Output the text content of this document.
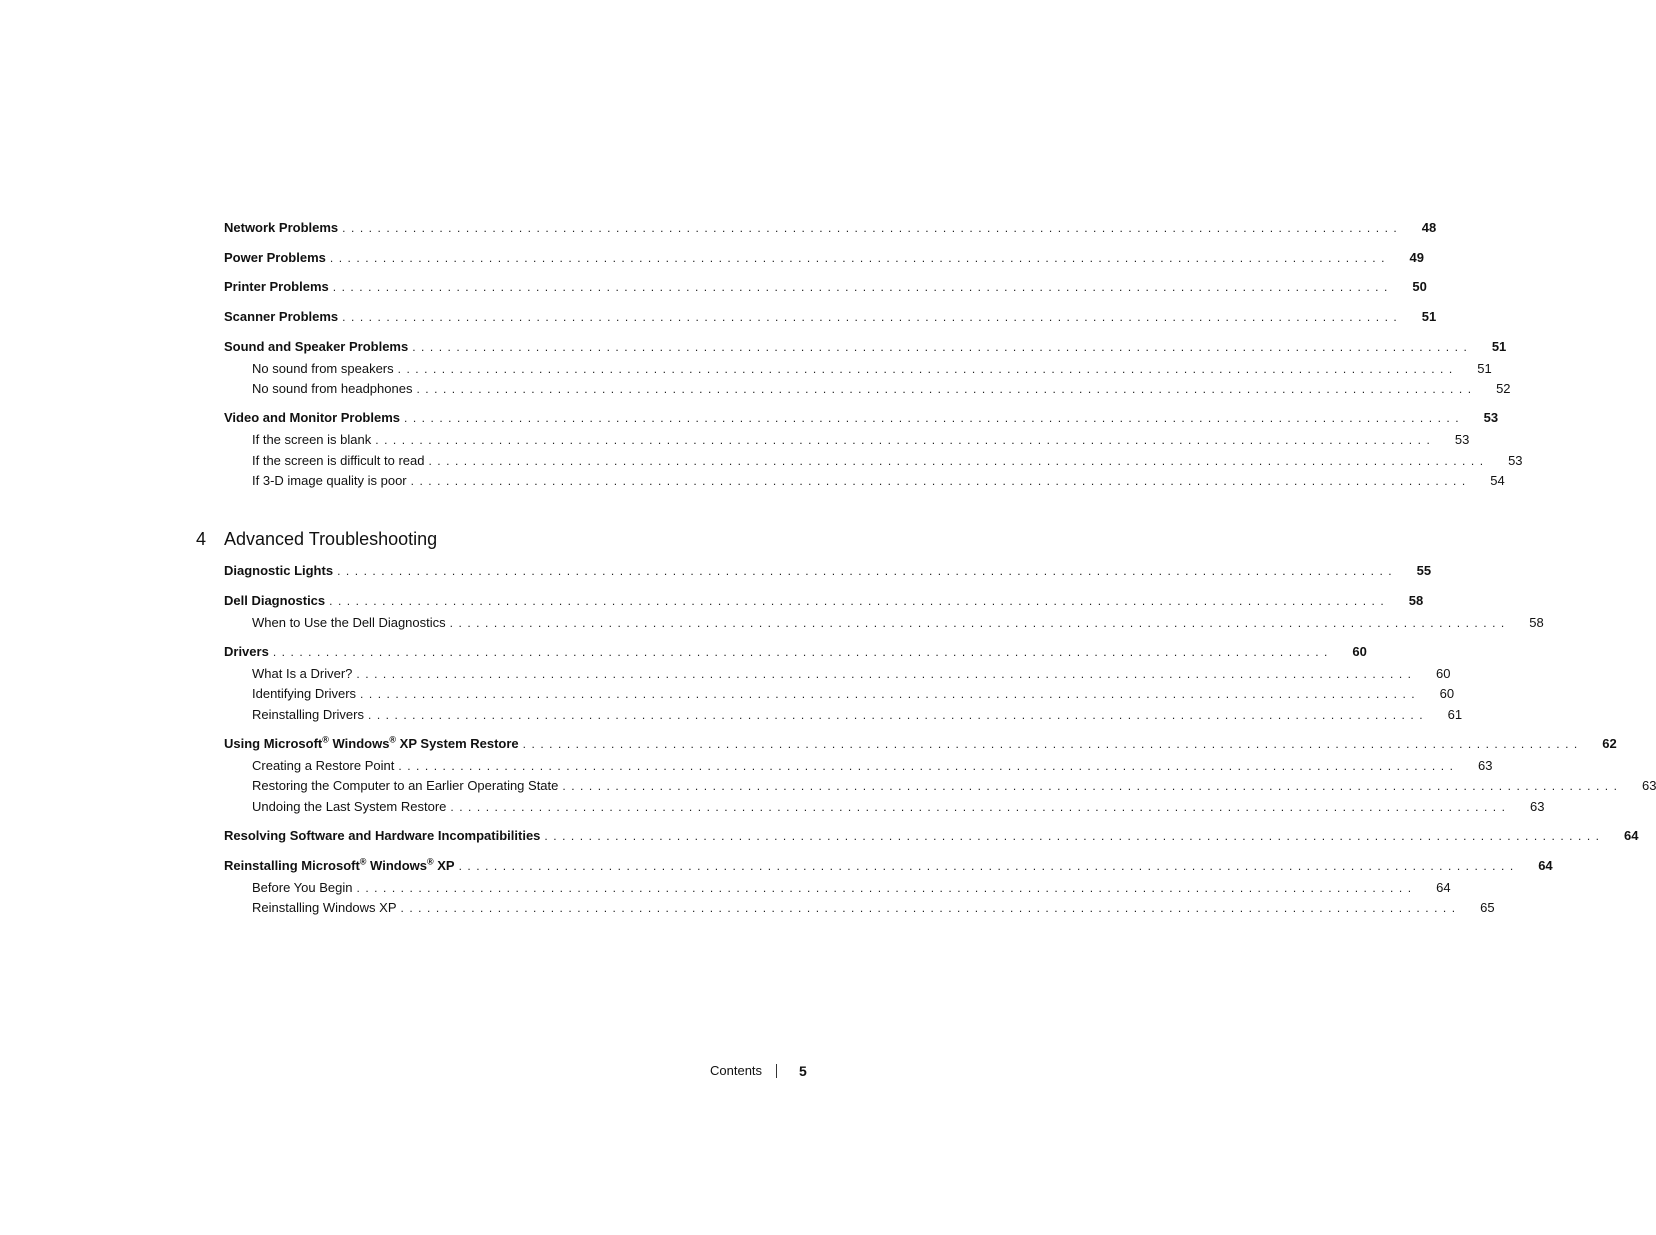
Network Problems ........................................................................................................................	48
Power Problems ........................................................................................................................	49
Printer Problems ........................................................................................................................	50
Scanner Problems ........................................................................................................................	51
Sound and Speaker Problems ........................................................................................................................	51
No sound from speakers ........................................................................................................................	51
No sound from headphones ........................................................................................................................	52
Video and Monitor Problems ........................................................................................................................	53
If the screen is blank ........................................................................................................................	53
If the screen is difficult to read ........................................................................................................................	53
If 3-D image quality is poor ........................................................................................................................	54
4 Advanced Troubleshooting
Diagnostic Lights ........................................................................................................................	55
Dell Diagnostics ........................................................................................................................	58
When to Use the Dell Diagnostics ........................................................................................................................	58
Drivers ........................................................................................................................	60
What Is a Driver? ........................................................................................................................	60
Identifying Drivers ........................................................................................................................	60
Reinstalling Drivers ........................................................................................................................	61
Using Microsoft® Windows® XP System Restore ........................................................................................................................	62
Creating a Restore Point ........................................................................................................................	63
Restoring the Computer to an Earlier Operating State ........................................................................................................................	63
Undoing the Last System Restore ........................................................................................................................	63
Resolving Software and Hardware Incompatibilities ........................................................................................................................	64
Reinstalling Microsoft® Windows® XP ........................................................................................................................	64
Before You Begin ........................................................................................................................	64
Reinstalling Windows XP ........................................................................................................................	65
Contents	5
